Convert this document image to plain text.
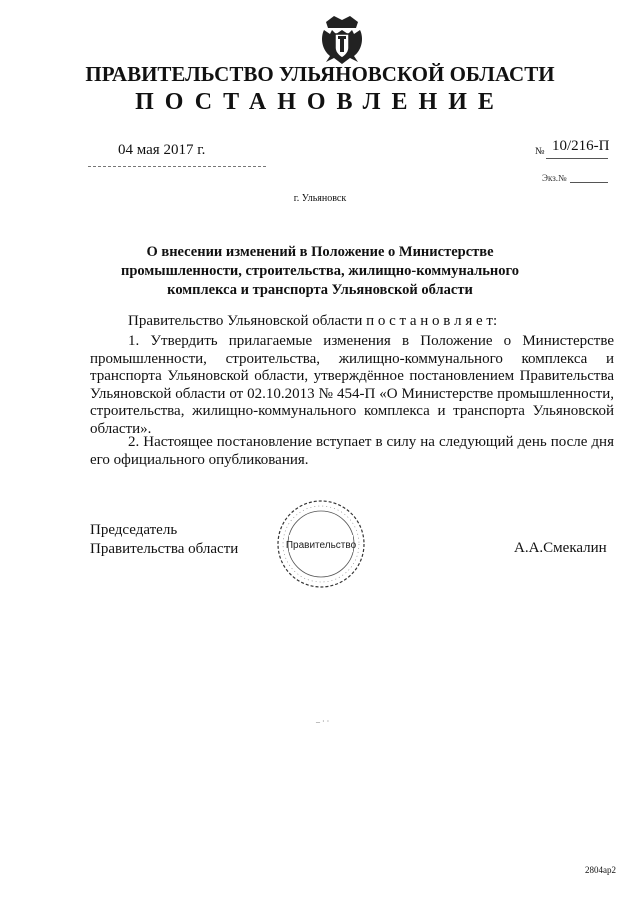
ПРАВИТЕЛЬСТВО УЛЬЯНОВСКОЙ ОБЛАСТИ
ПОСТАНОВЛЕНИЕ
04 мая 2017 г.	№ 10/216-П
Экз.№
г. Ульяновск
О внесении изменений в Положение о Министерстве промышленности, строительства, жилищно-коммунального комплекса и транспорта Ульяновской области
Правительство Ульяновской области п о с т а н о в л я е т:

1. Утвердить прилагаемые изменения в Положение о Министерстве промышленности, строительства, жилищно-коммунального комплекса и транспорта Ульяновской области, утверждённое постановлением Правительства Ульяновской области от 02.10.2013 № 454-П «О Министерстве промышленности, строительства, жилищно-коммунального комплекса и транспорта Ульяновской области».

2. Настоящее постановление вступает в силу на следующий день после дня его официального опубликования.

Председатель
Правительства области	Правительство	А.А.Смекалин
– · ·
2804ар2
